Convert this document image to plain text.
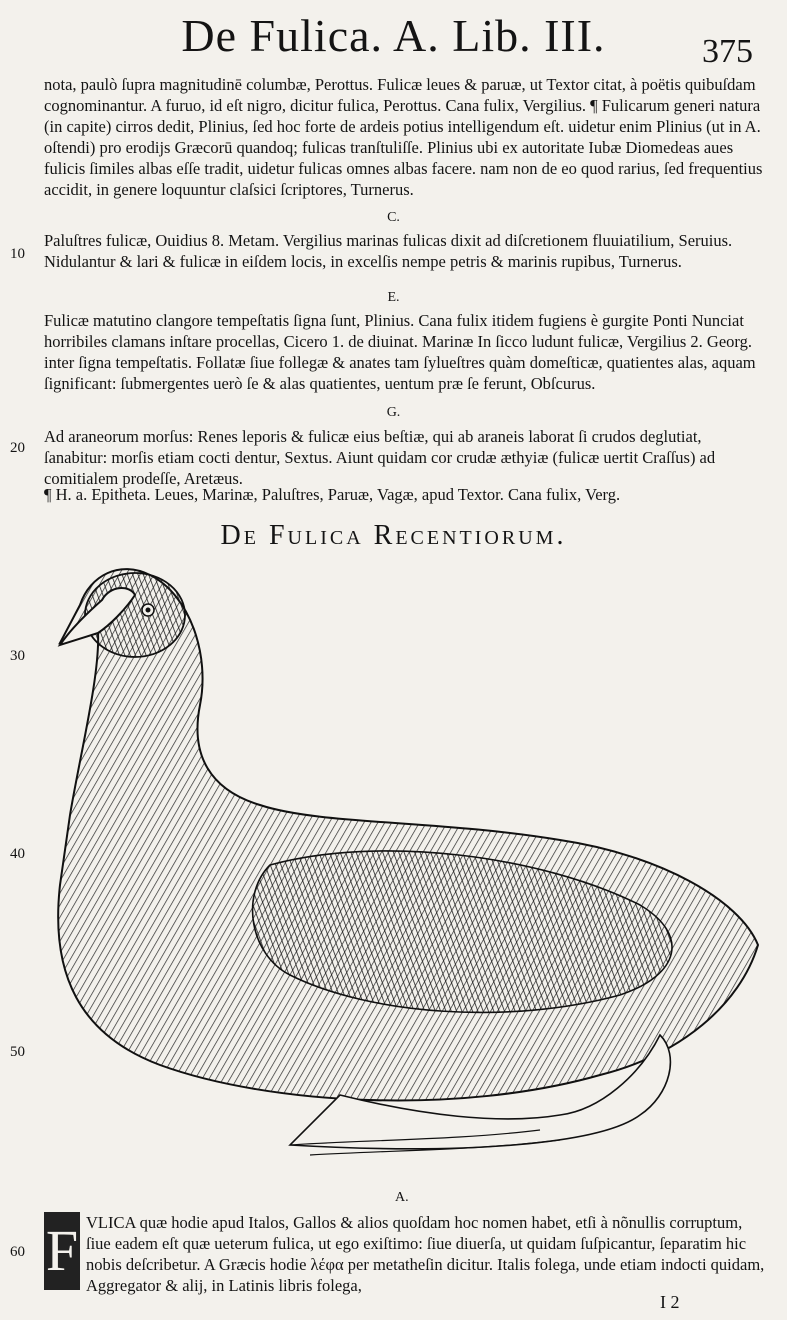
De Fulica. A. Lib. III.	375
10
20
30
40
50
60

nota, paulò ſupra magnitudinē columbæ, Perottus. Fulicæ leues & paruæ, ut Textor citat, à poëtis quibuſdam cognominantur. A furuo, id eſt nigro, dicitur fulica, Perottus. Cana fulix, Vergilius. ¶ Fulicarum generi natura (in capite) cirros dedit, Plinius, ſed hoc forte de ardeis potius intelligendum eſt. uidetur enim Plinius (ut in A. oſtendi) pro erodijs Græcorū quandoq; fulicas tranſtuliſſe. Plinius ubi ex autoritate Iubæ Diomedeas aues fulicis ſimiles albas eſſe tradit, uidetur fulicas omnes albas facere. nam non de eo quod rarius, ſed frequentius accidit, in genere loquuntur claſsici ſcriptores, Turnerus.

C.

Paluſtres fulicæ, Ouidius 8. Metam. Vergilius marinas fulicas dixit ad diſcretionem fluuiatilium, Seruius. Nidulantur & lari & fulicæ in eiſdem locis, in excelſis nempe petris & marinis rupibus, Turnerus.

E.

Fulicæ matutino clangore tempeſtatis ſigna ſunt, Plinius. Cana fulix itidem fugiens è gurgite Ponti Nunciat horribiles clamans inſtare procellas, Cicero 1. de diuinat. Marinæ In ſicco ludunt fulicæ, Vergilius 2. Georg. inter ſigna tempeſtatis. Follatæ ſiue follegæ & anates tam ſylueſtres quàm domeſticæ, quatientes alas, aquam ſignificant: ſubmergentes uerò ſe & alas quatientes, uentum præ ſe ferunt, Obſcurus.

G.

Ad araneorum morſus: Renes leporis & fulicæ eius beſtiæ, qui ab araneis laborat ſi crudos deglutiat, ſanabitur: morſis etiam cocti dentur, Sextus. Aiunt quidam cor crudæ æthyiæ (fulicæ uertit Craſſus) ad comitialem prodeſſe, Aretæus.

¶ H. a. Epitheta. Leues, Marinæ, Paluſtres, Paruæ, Vagæ, apud Textor. Cana fulix, Verg.

De Fulica Recentiorum.
A.
F VLICA quæ hodie apud Italos, Gallos & alios quoſdam hoc nomen habet, etſi à nõnullis corruptum, ſiue eadem eſt quæ ueterum fulica, ut ego exiſtimo: ſiue diuerſa, ut quidam ſuſpicantur, ſeparatim hic nobis deſcribetur. A Græcis hodie λέφα per metatheſin dicitur. Italis folega, unde etiam indocti quidam, Aggregator & alij, in Latinis libris folega,
I 2
